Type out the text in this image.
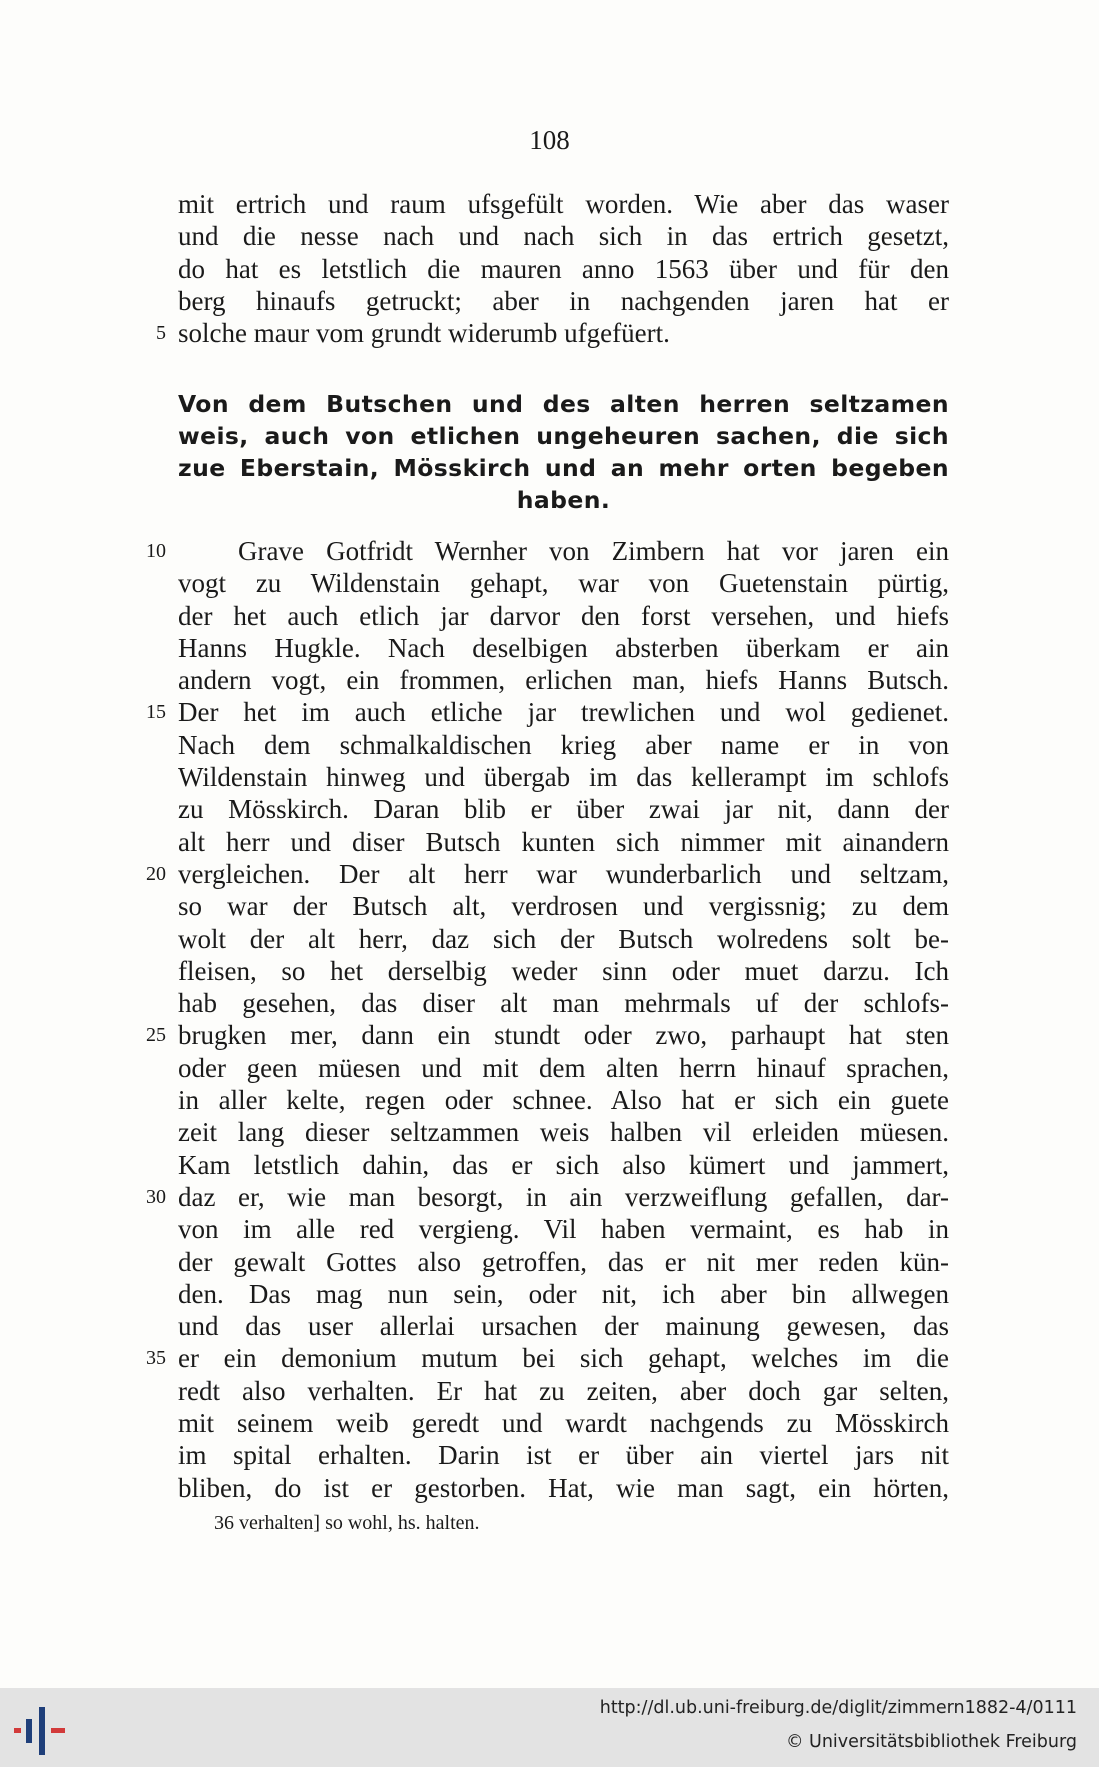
108
mit ertrich und raum ufsgefült worden. Wie aber das waser
und die nesse nach und nach sich in das ertrich gesetzt,
do hat es letstlich die mauren anno 1563 über und für den
berg hinaufs getruckt; aber in nachgenden jaren hat er
solche maur vom grundt widerumb ufgefüert.
5
Von dem Butschen und des alten herren seltzamen
weis, auch von etlichen ungeheuren sachen, die sich
zue Eberstain, Mösskirch und an mehr orten begeben
haben.
Grave Gotfridt Wernher von Zimbern hat vor jaren ein
10
vogt zu Wildenstain gehapt, war von Guetenstain pürtig,
der het auch etlich jar darvor den forst versehen, und hiefs
Hanns Hugkle. Nach deselbigen absterben überkam er ain
andern vogt, ein frommen, erlichen man, hiefs Hanns Butsch.
Der het im auch etliche jar trewlichen und wol gedienet.
15
Nach dem schmalkaldischen krieg aber name er in von
Wildenstain hinweg und übergab im das kellerampt im schlofs
zu Mösskirch. Daran blib er über zwai jar nit, dann der
alt herr und diser Butsch kunten sich nimmer mit ainandern
vergleichen. Der alt herr war wunderbarlich und seltzam,
20
so war der Butsch alt, verdrosen und vergissnig; zu dem
wolt der alt herr, daz sich der Butsch wolredens solt be-
fleisen, so het derselbig weder sinn oder muet darzu. Ich
hab gesehen, das diser alt man mehrmals uf der schlofs-
brugken mer, dann ein stundt oder zwo, parhaupt hat sten
25
oder geen müesen und mit dem alten herrn hinauf sprachen,
in aller kelte, regen oder schnee. Also hat er sich ein guete
zeit lang dieser seltzammen weis halben vil erleiden müesen.
Kam letstlich dahin, das er sich also kümert und jammert,
daz er, wie man besorgt, in ain verzweiflung gefallen, dar-
30
von im alle red vergieng. Vil haben vermaint, es hab in
der gewalt Gottes also getroffen, das er nit mer reden kün-
den. Das mag nun sein, oder nit, ich aber bin allwegen
und das user allerlai ursachen der mainung gewesen, das
er ein demonium mutum bei sich gehapt, welches im die
35
redt also verhalten. Er hat zu zeiten, aber doch gar selten,
mit seinem weib geredt und wardt nachgends zu Mösskirch
im spital erhalten. Darin ist er über ain viertel jars nit
bliben, do ist er gestorben. Hat, wie man sagt, ein hörten,
36 verhalten] so wohl, hs. halten.
http://dl.ub.uni-freiburg.de/diglit/zimmern1882-4/0111
© Universitätsbibliothek Freiburg
